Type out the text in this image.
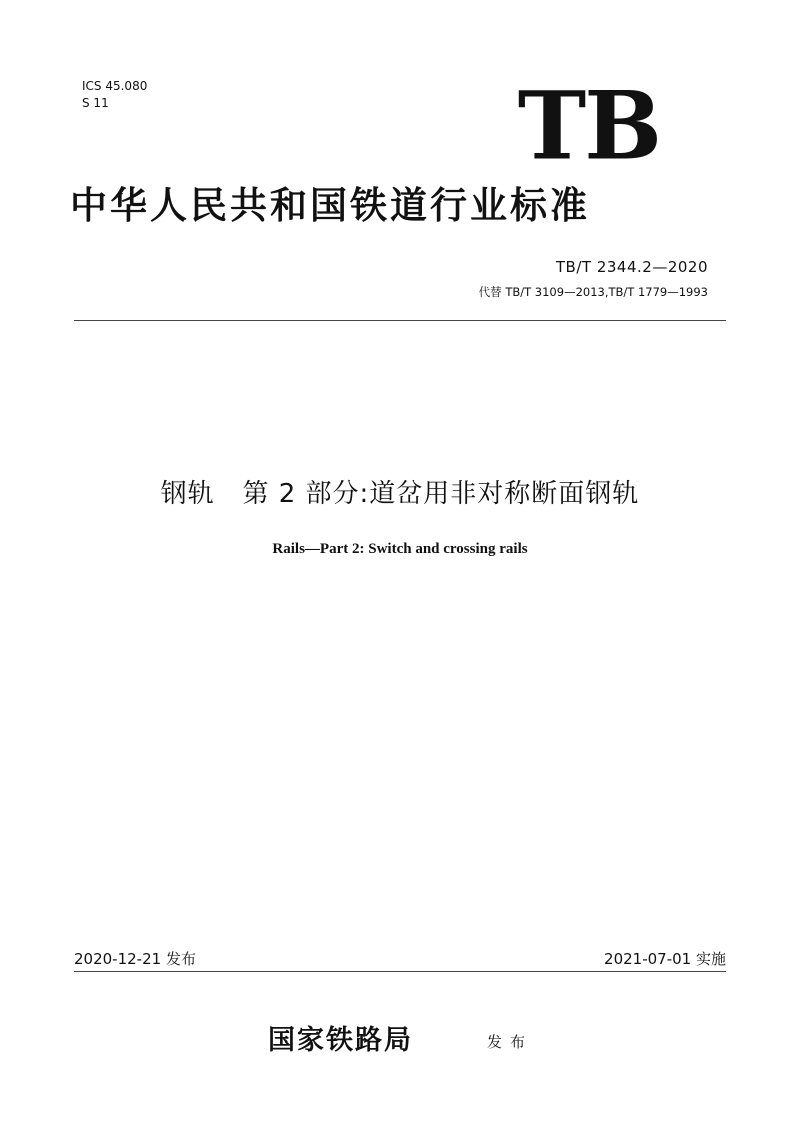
ICS 45.080
S 11	TB
中华人民共和国铁道行业标准
TB/T 2344.2—2020
代替 TB/T 3109—2013,TB/T 1779—1993
钢轨   第 2 部分:道岔用非对称断面钢轨
Rails—Part 2: Switch and crossing rails
2020-12-21 发布	2021-07-01 实施
国家铁路局	发布
